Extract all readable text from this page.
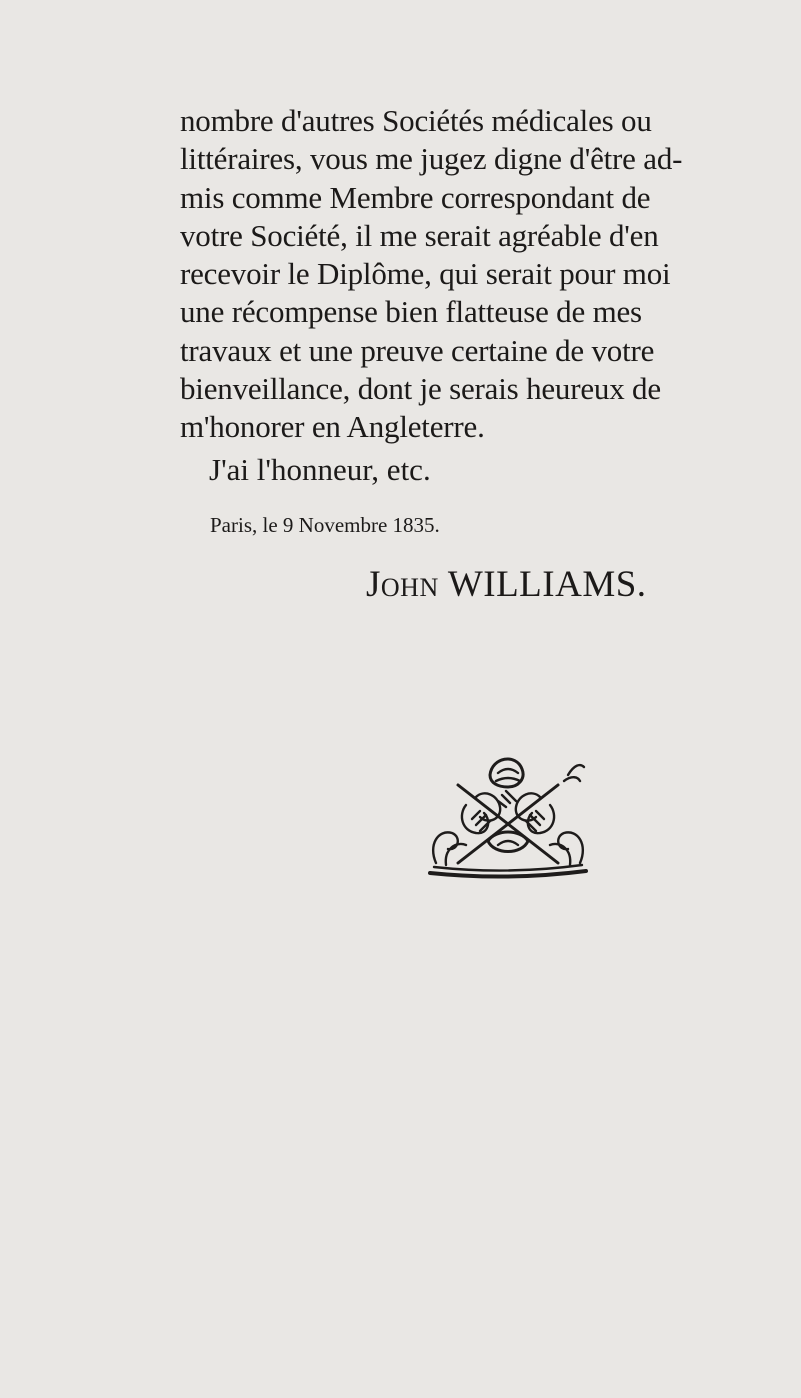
nombre d'autres Sociétés médicales ou
littéraires, vous me jugez digne d'être ad-
mis comme Membre correspondant de
votre Société, il me serait agréable d'en
recevoir le Diplôme, qui serait pour moi
une récompense bien flatteuse de mes
travaux et une preuve certaine de votre
bienveillance, dont je serais heureux de
m'honorer en Angleterre.

J'ai l'honneur, etc.

Paris, le 9 Novembre 1835.

John WILLIAMS.
